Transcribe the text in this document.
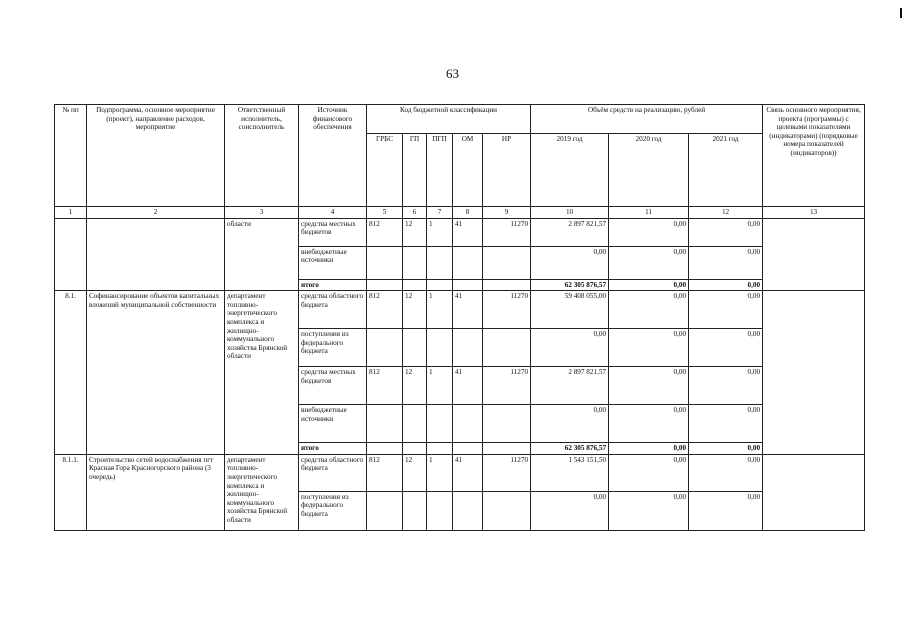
63
№ пп	Подпрограмма, основное мероприятие (проект), направление расходов, мероприятие	Ответственный исполнитель, соисполнитель	Источник финансового обеспечения	Код бюджетной классификации					Объём средств на реализацию, рублей			Связь основного мероприятия, проекта (программы) с целевыми показателями (индикаторами) (порядковые номера показателей (индикаторов))
				ГРБС	ГП	ПГП	ОМ	НР	2019 год	2020 год	2021 год	
1	2	3	4	5	6	7	8	9	10	11	12	13
		области	средства местных бюджетов	812	12	1	41	11270	2 897 821,57	0,00	0,00	
			внебюджетные источники						0,00	0,00	0,00	
			итого						62 305 876,57	0,00	0,00	
8.1.	Софинансирование объектов капитальных вложений муниципальной собственности	департамент топливно-энергетического комплекса и жилищно-коммунального хозяйства Брянской области	средства областного бюджета	812	12	1	41	11270	59 408 055,00	0,00	0,00	
			поступления из федерального бюджета						0,00	0,00	0,00	
			средства местных бюджетов	812	12	1	41	11270	2 897 821,57	0,00	0,00	
			внебюджетные источники						0,00	0,00	0,00	
			итого						62 305 876,57	0,00	0,00	
8.1.1.	Строительство сетей водоснабжения пгт Красная Гора Красногорского района (3 очередь)	департамент топливно-энергетического комплекса и жилищно-коммунального хозяйства Брянской области	средства областного бюджета	812	12	1	41	11270	1 543 151,50	0,00	0,00	
			поступления из федерального бюджета						0,00	0,00	0,00	
